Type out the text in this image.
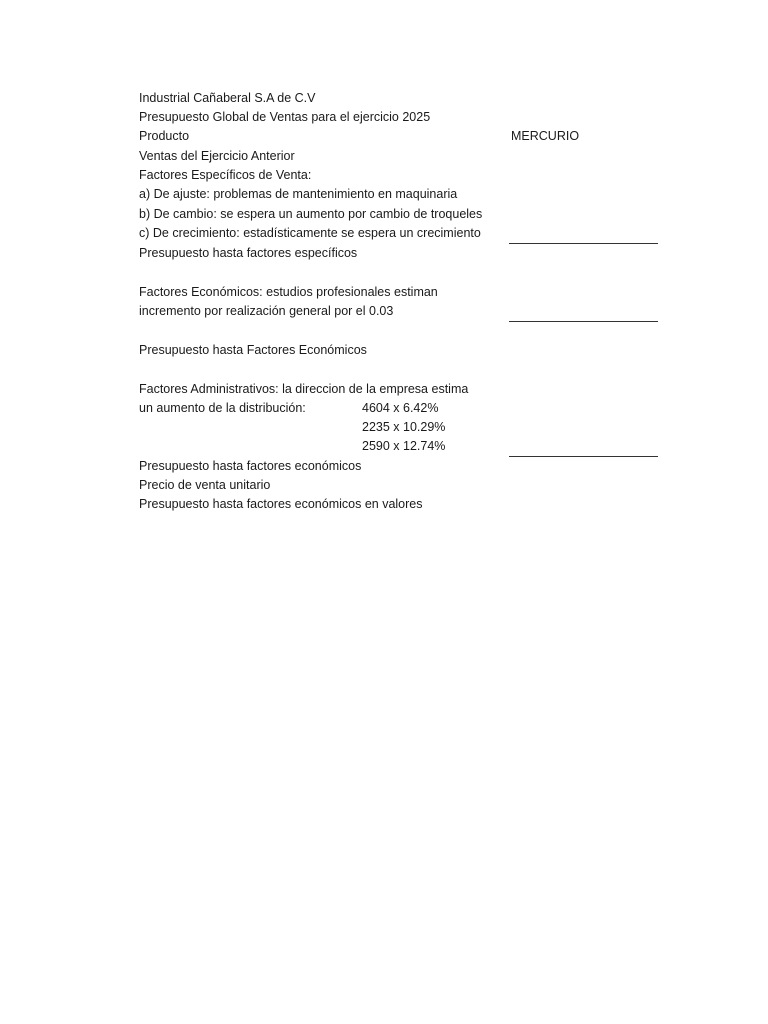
Industrial Cañaberal S.A de C.V
Presupuesto Global de Ventas para el ejercicio 2025
Producto	MERCURIO
Ventas del Ejercicio Anterior
Factores Específicos de Venta:
a) De ajuste: problemas de mantenimiento en maquinaria
b) De cambio: se espera un aumento por cambio de troqueles
c) De crecimiento: estadísticamente se espera un crecimiento
Presupuesto hasta factores específicos
Factores Económicos: estudios profesionales estiman
incremento por realización general por el 0.03
Presupuesto hasta Factores Económicos
Factores Administrativos: la direccion de la empresa estima
un aumento de la distribución:	4604 x 6.42%
2235 x 10.29%
2590 x 12.74%
Presupuesto hasta factores económicos
Precio de venta unitario
Presupuesto hasta factores económicos en valores
